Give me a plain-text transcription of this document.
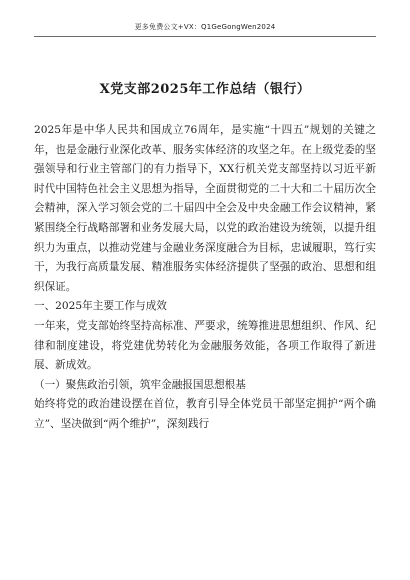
更多免费公文+VX：Q1GeGongWen2024
X党支部2025年工作总结（银行）

2025年是中华人民共和国成立76周年，是实施“十四五”规划的关键之年，也是金融行业深化改革、服务实体经济的攻坚之年。在上级党委的坚强领导和行业主管部门的有力指导下，XX行机关党支部坚持以习近平新时代中国特色社会主义思想为指导，全面贯彻党的二十大和二十届历次全会精神，深入学习领会党的二十届四中全会及中央金融工作会议精神，紧紧围绕全行战略部署和业务发展大局，以党的政治建设为统领，以提升组织力为重点，以推动党建与金融业务深度融合为目标，忠诚履职，笃行实干，为我行高质量发展、精准服务实体经济提供了坚强的政治、思想和组织保证。

一、2025年主要工作与成效

一年来，党支部始终坚持高标准、严要求，统筹推进思想组织、作风、纪律和制度建设，将党建优势转化为金融服务效能，各项工作取得了新进展、新成效。

（一）聚焦政治引领，筑牢金融报国思想根基

始终将党的政治建设摆在首位，教育引导全体党员干部坚定拥护“两个确立”、坚决做到“两个维护”，深刻践行
